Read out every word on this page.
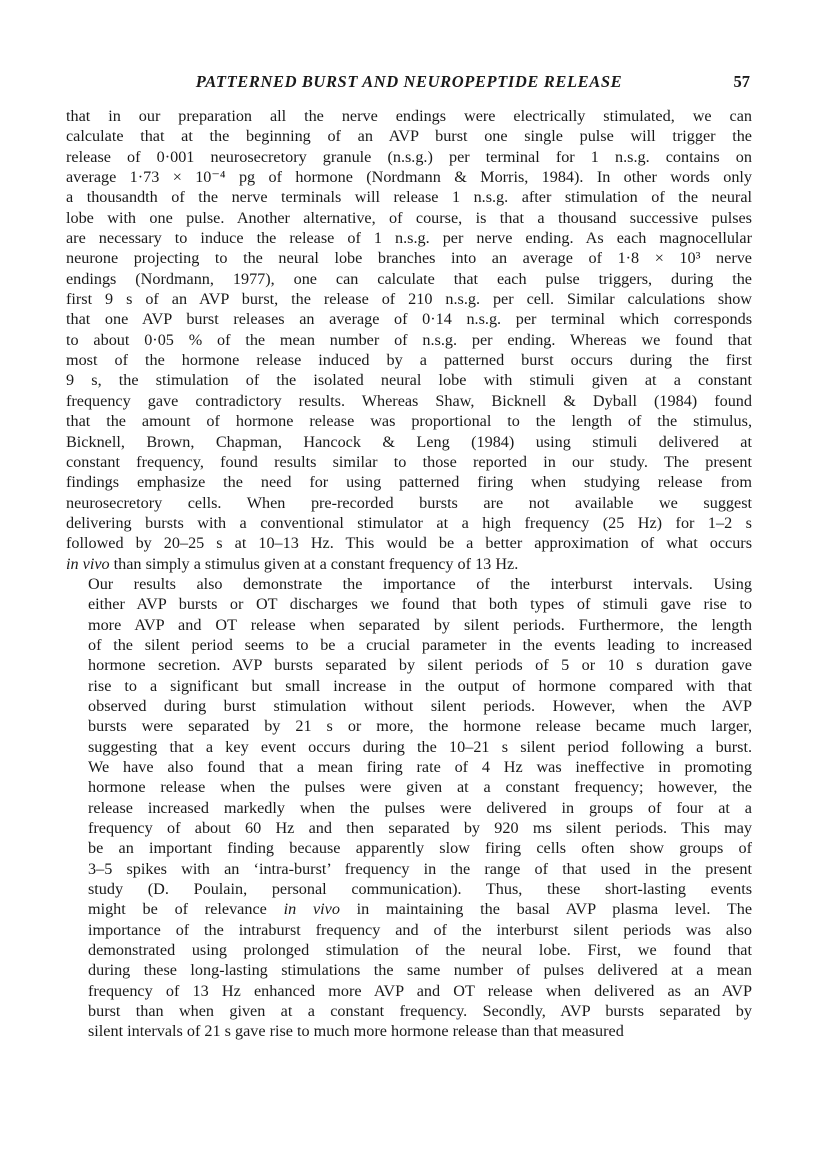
PATTERNED BURST AND NEUROPEPTIDE RELEASE	57

that in our preparation all the nerve endings were electrically stimulated, we can
calculate that at the beginning of an AVP burst one single pulse will trigger the
release of 0·001 neurosecretory granule (n.s.g.) per terminal for 1 n.s.g. contains on
average 1·73 × 10⁻⁴ pg of hormone (Nordmann & Morris, 1984). In other words only
a thousandth of the nerve terminals will release 1 n.s.g. after stimulation of the neural
lobe with one pulse. Another alternative, of course, is that a thousand successive pulses
are necessary to induce the release of 1 n.s.g. per nerve ending. As each magnocellular
neurone projecting to the neural lobe branches into an average of 1·8 × 10³ nerve
endings (Nordmann, 1977), one can calculate that each pulse triggers, during the
first 9 s of an AVP burst, the release of 210 n.s.g. per cell. Similar calculations show
that one AVP burst releases an average of 0·14 n.s.g. per terminal which corresponds
to about 0·05 % of the mean number of n.s.g. per ending. Whereas we found that
most of the hormone release induced by a patterned burst occurs during the first
9 s, the stimulation of the isolated neural lobe with stimuli given at a constant
frequency gave contradictory results. Whereas Shaw, Bicknell & Dyball (1984) found
that the amount of hormone release was proportional to the length of the stimulus,
Bicknell, Brown, Chapman, Hancock & Leng (1984) using stimuli delivered at
constant frequency, found results similar to those reported in our study. The present
findings emphasize the need for using patterned firing when studying release from
neurosecretory cells. When pre-recorded bursts are not available we suggest
delivering bursts with a conventional stimulator at a high frequency (25 Hz) for 1–2 s
followed by 20–25 s at 10–13 Hz. This would be a better approximation of what occurs
in vivo than simply a stimulus given at a constant frequency of 13 Hz.

Our results also demonstrate the importance of the interburst intervals. Using
either AVP bursts or OT discharges we found that both types of stimuli gave rise to
more AVP and OT release when separated by silent periods. Furthermore, the length
of the silent period seems to be a crucial parameter in the events leading to increased
hormone secretion. AVP bursts separated by silent periods of 5 or 10 s duration gave
rise to a significant but small increase in the output of hormone compared with that
observed during burst stimulation without silent periods. However, when the AVP
bursts were separated by 21 s or more, the hormone release became much larger,
suggesting that a key event occurs during the 10–21 s silent period following a burst.
We have also found that a mean firing rate of 4 Hz was ineffective in promoting
hormone release when the pulses were given at a constant frequency; however, the
release increased markedly when the pulses were delivered in groups of four at a
frequency of about 60 Hz and then separated by 920 ms silent periods. This may
be an important finding because apparently slow firing cells often show groups of
3–5 spikes with an ‘intra-burst’ frequency in the range of that used in the present
study (D. Poulain, personal communication). Thus, these short-lasting events
might be of relevance in vivo in maintaining the basal AVP plasma level. The
importance of the intraburst frequency and of the interburst silent periods was also
demonstrated using prolonged stimulation of the neural lobe. First, we found that
during these long-lasting stimulations the same number of pulses delivered at a mean
frequency of 13 Hz enhanced more AVP and OT release when delivered as an AVP
burst than when given at a constant frequency. Secondly, AVP bursts separated by
silent intervals of 21 s gave rise to much more hormone release than that measured
